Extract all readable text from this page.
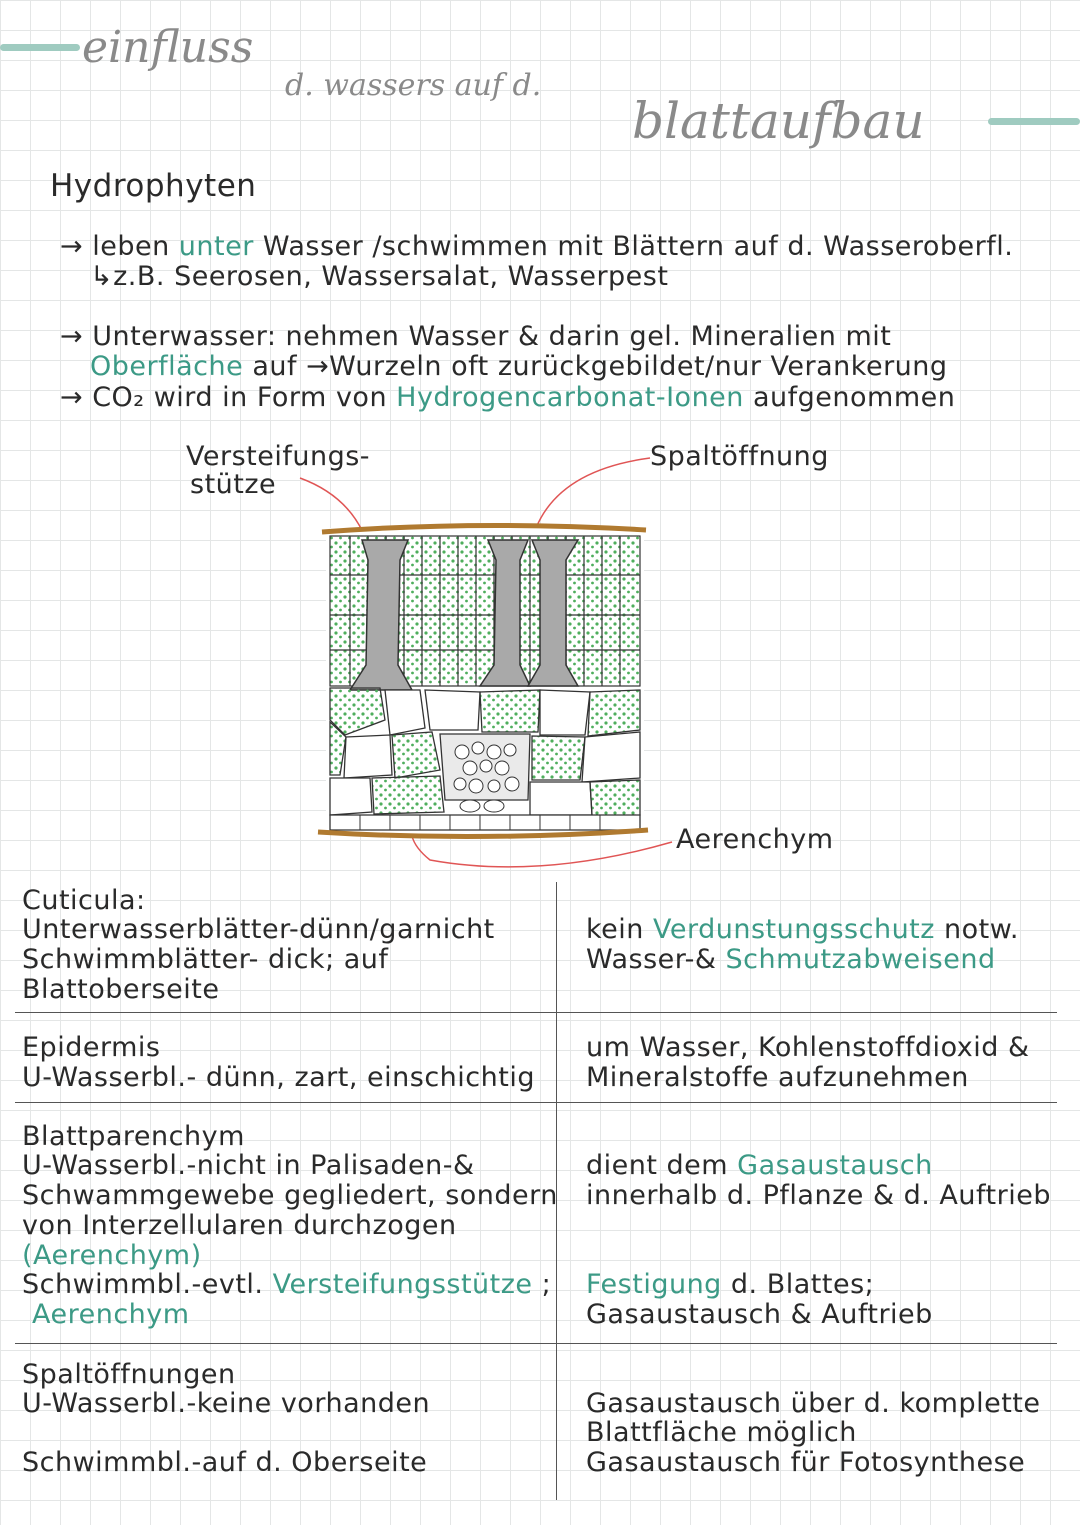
einfluss
d. wassers auf d.
blattaufbau
Hydrophyten
→ leben unter Wasser /schwimmen mit Blättern auf d. Wasseroberfl.
↳z.B. Seerosen, Wassersalat, Wasserpest
→ Unterwasser: nehmen Wasser & darin gel. Mineralien mit
Oberfläche auf →Wurzeln oft zurückgebildet/nur Verankerung
→ CO₂ wird in Form von Hydrogencarbonat-Ionen aufgenommen
Versteifungs-
stütze
Spaltöffnung
Aerenchym
Cuticula:
Unterwasserblätter-dünn/garnicht
Schwimmblätter- dick; auf
Blattoberseite
kein Verdunstungsschutz notw.
Wasser-& Schmutzabweisend
Epidermis
U-Wasserbl.- dünn, zart, einschichtig
um Wasser, Kohlenstoffdioxid &
Mineralstoffe aufzunehmen
Blattparenchym
U-Wasserbl.-nicht in Palisaden-&
Schwammgewebe gegliedert, sondern
von Interzellularen durchzogen
(Aerenchym)
Schwimmbl.-evtl. Versteifungsstütze ;
Aerenchym
dient dem Gasaustausch
innerhalb d. Pflanze & d. Auftrieb
Festigung d. Blattes;
Gasaustausch & Auftrieb
Spaltöffnungen
U-Wasserbl.-keine vorhanden
Schwimmbl.-auf d. Oberseite
Gasaustausch über d. komplette
Blattfläche möglich
Gasaustausch für Fotosynthese
